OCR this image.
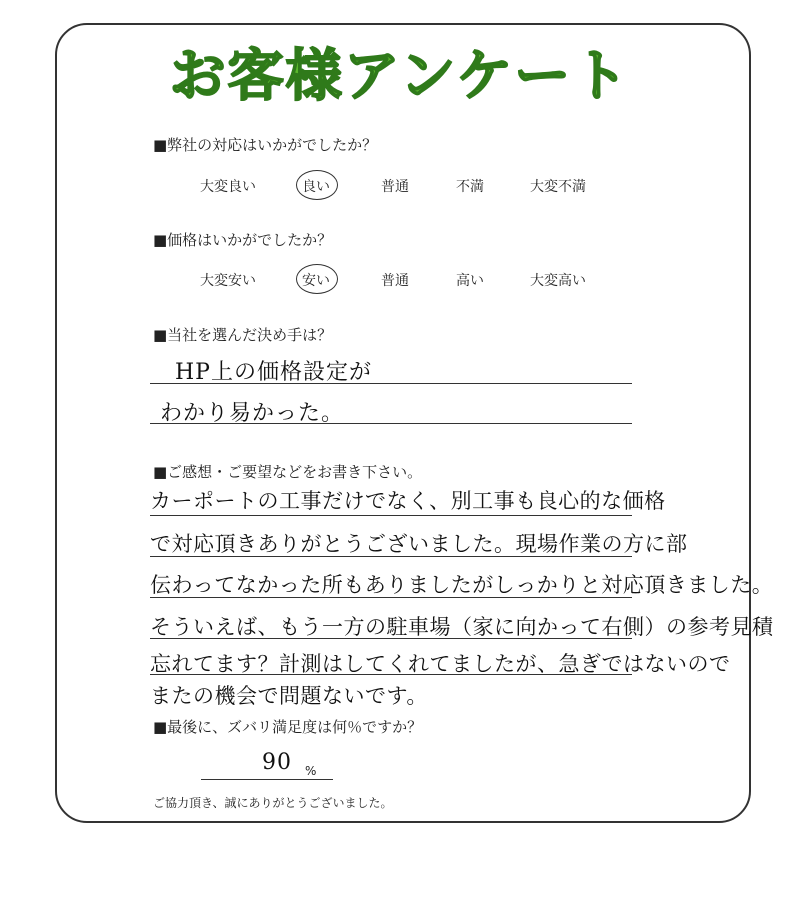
お客様アンケート
■弊社の対応はいかがでしたか？
大変良い	良い	普通	不満	大変不満
■価格はいかがでしたか？
大変安い	安い	普通	高い	大変高い
■当社を選んだ決め手は？
HP上の価格設定が
わかり易かった。
■ご感想・ご要望などをお書き下さい。
カーポートの工事だけでなく、別工事も良心的な価格
で対応頂きありがとうございました。現場作業の方に部
伝わってなかった所もありましたがしっかりと対応頂きました。
そういえば、もう一方の駐車場（家に向かって右側）の参考見積
忘れてます？計測はしてくれてましたが、急ぎではないので
またの機会で問題ないです。
■最後に、ズバリ満足度は何％ですか？
90 %
ご協力頂き、誠にありがとうございました。
